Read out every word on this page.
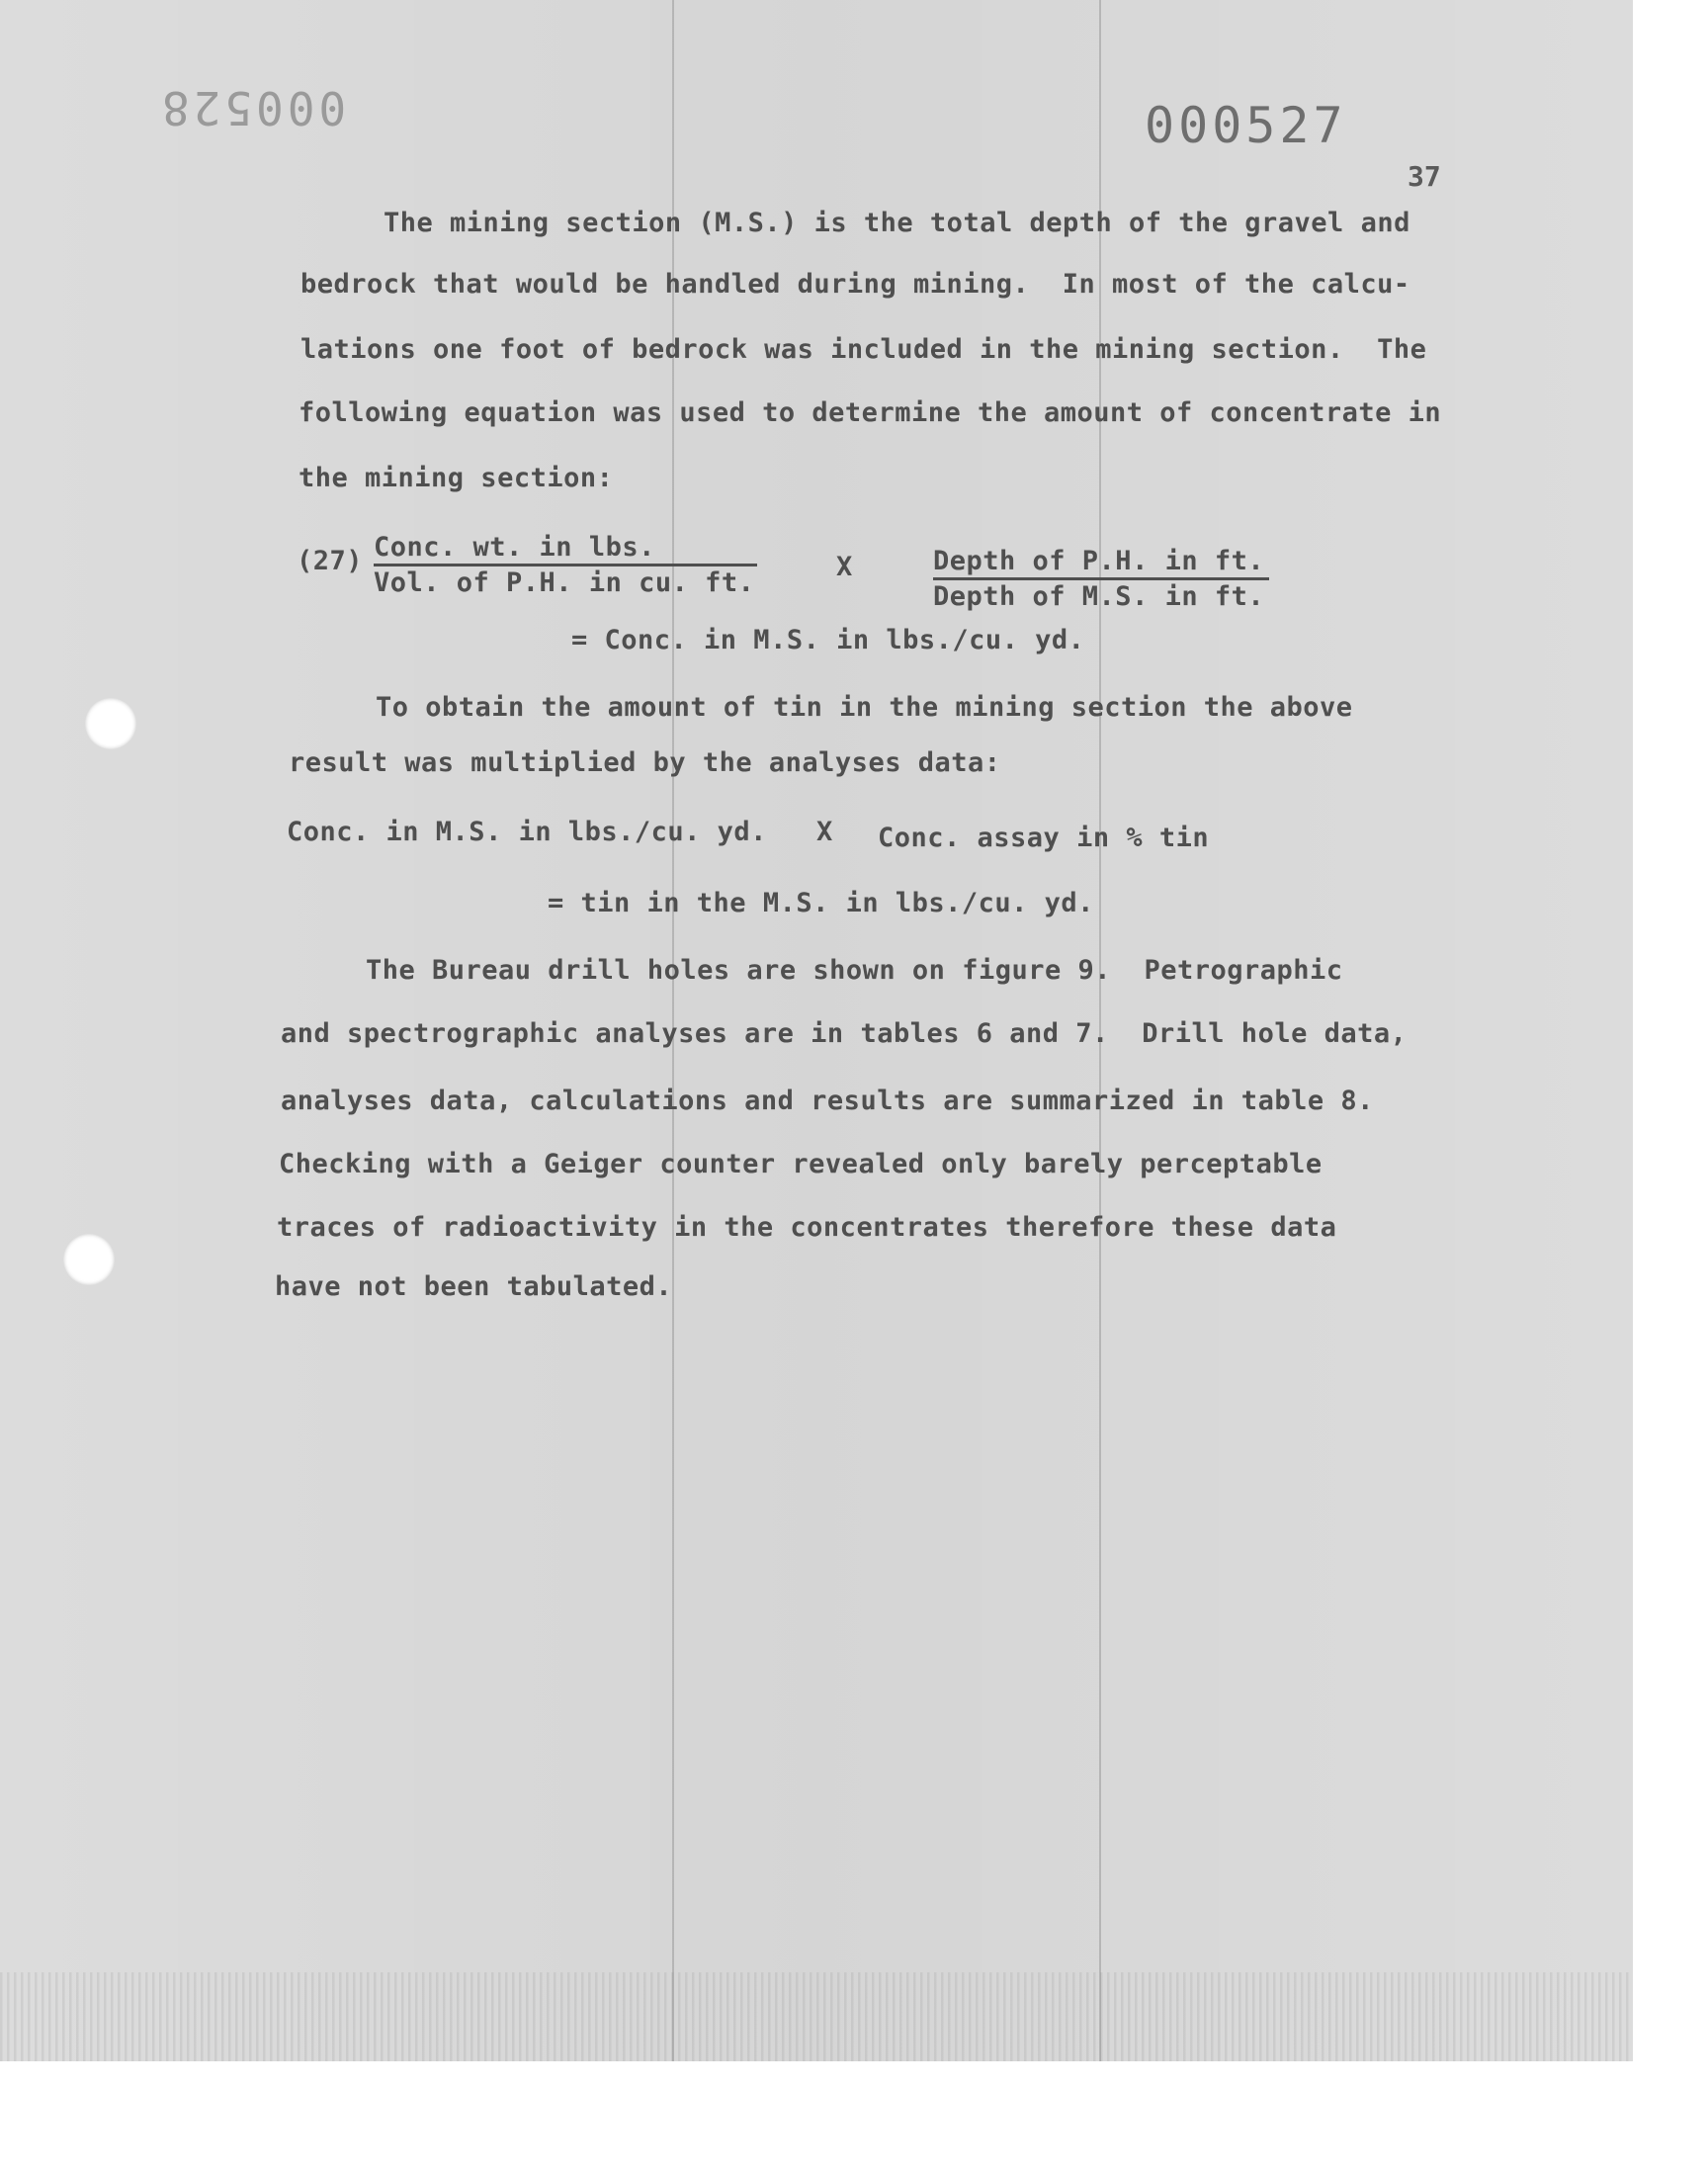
000528	000527
37
The mining section (M.S.) is the total depth of the gravel and
bedrock that would be handled during mining.  In most of the calcu-
lations one foot of bedrock was included in the mining section.  The
following equation was used to determine the amount of concentrate in
the mining section:
(27) Conc. wt. in lbs.
Vol. of P.H. in cu. ft.
X	Depth of P.H. in ft.
Depth of M.S. in ft.
= Conc. in M.S. in lbs./cu. yd.
To obtain the amount of tin in the mining section the above
result was multiplied by the analyses data:
Conc. in M.S. in lbs./cu. yd. X Conc. assay in % tin
= tin in the M.S. in lbs./cu. yd.
The Bureau drill holes are shown on figure 9.  Petrographic
and spectrographic analyses are in tables 6 and 7.  Drill hole data,
analyses data, calculations and results are summarized in table 8.
Checking with a Geiger counter revealed only barely perceptable
traces of radioactivity in the concentrates therefore these data
have not been tabulated.
